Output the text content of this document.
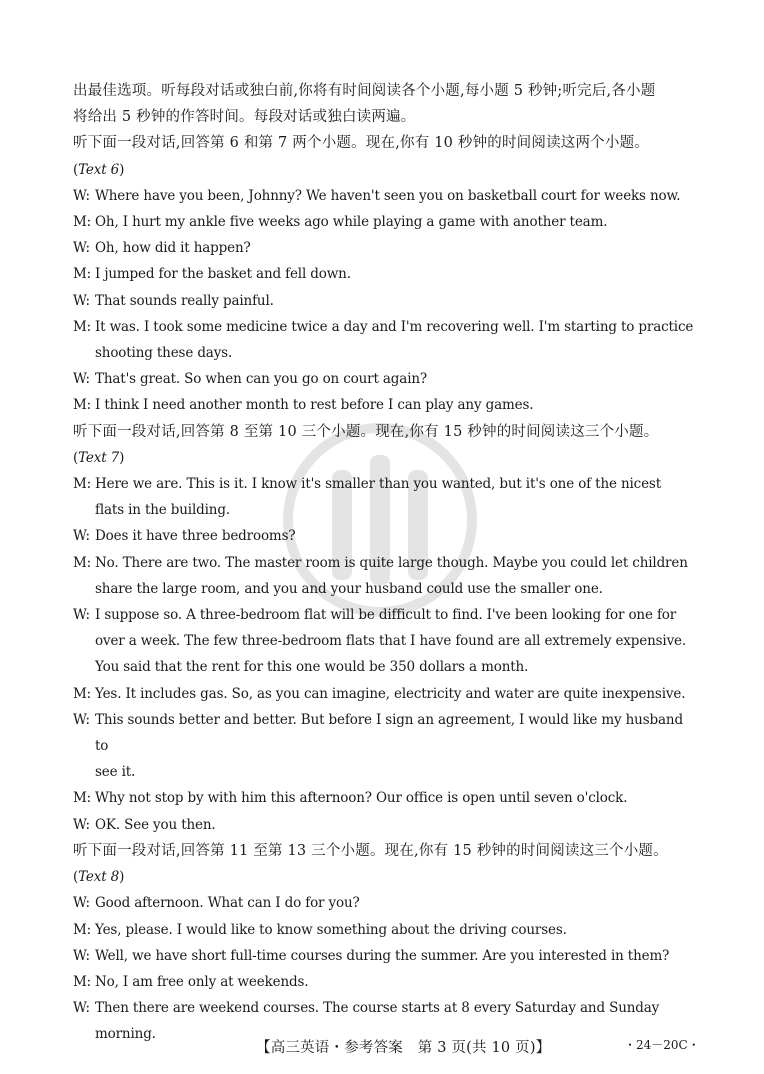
出最佳选项。听每段对话或独白前,你将有时间阅读各个小题,每小题 5 秒钟;听完后,各小题
将给出 5 秒钟的作答时间。每段对话或独白读两遍。
听下面一段对话,回答第 6 和第 7 两个小题。现在,你有 10 秒钟的时间阅读这两个小题。
(Text 6)
W: Where have you been, Johnny? We haven't seen you on basketball court for weeks now.
M: Oh, I hurt my ankle five weeks ago while playing a game with another team.
W: Oh, how did it happen?
M: I jumped for the basket and fell down.
W: That sounds really painful.
M: It was. I took some medicine twice a day and I'm recovering well. I'm starting to practice
shooting these days.
W: That's great. So when can you go on court again?
M: I think I need another month to rest before I can play any games.
听下面一段对话,回答第 8 至第 10 三个小题。现在,你有 15 秒钟的时间阅读这三个小题。
(Text 7)
M: Here we are. This is it. I know it's smaller than you wanted, but it's one of the nicest
flats in the building.
W: Does it have three bedrooms?
M: No. There are two. The master room is quite large though. Maybe you could let children
share the large room, and you and your husband could use the smaller one.
W: I suppose so. A three-bedroom flat will be difficult to find. I've been looking for one for
over a week. The few three-bedroom flats that I have found are all extremely expensive.
You said that the rent for this one would be 350 dollars a month.
M: Yes. It includes gas. So, as you can imagine, electricity and water are quite inexpensive.
W: This sounds better and better. But before I sign an agreement, I would like my husband to
see it.
M: Why not stop by with him this afternoon? Our office is open until seven o'clock.
W: OK. See you then.
听下面一段对话,回答第 11 至第 13 三个小题。现在,你有 15 秒钟的时间阅读这三个小题。
(Text 8)
W: Good afternoon. What can I do for you?
M: Yes, please. I would like to know something about the driving courses.
W: Well, we have short full-time courses during the summer. Are you interested in them?
M: No, I am free only at weekends.
W: Then there are weekend courses. The course starts at 8 every Saturday and Sunday morning.
【高三英语・参考答案　第 3 页(共 10 页)】	・24－20C・
